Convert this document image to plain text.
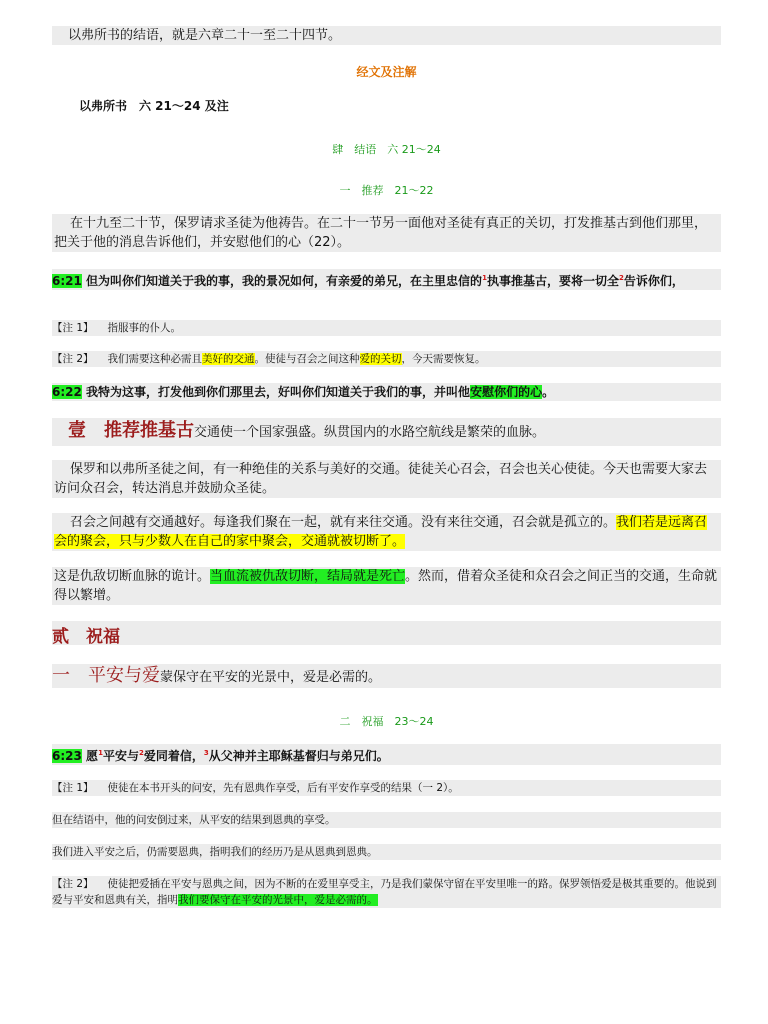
以弗所书的结语，就是六章二十一至二十四节。
经文及注解
以弗所书　六 21～24 及注
肆　结语　六 21～24
一　推荐　21～22
在十九至二十节，保罗请求圣徒为他祷告。在二十一节另一面他对圣徒有真正的关切，打发推基古到他们那里，把关于他的消息告诉他们，并安慰他们的心（22）。
6:21 但为叫你们知道关于我的事，我的景况如何，有亲爱的弟兄，在主里忠信的$^1$执事推基古，要将一切全$^2$告诉你们，
【注 1】 指服事的仆人。
【注 2】 我们需要这种必需且美好的交通。使徒与召会之间这种爱的关切，今天需要恢复。
6:22 我特为这事，打发他到你们那里去，好叫你们知道关于我们的事，并叫他安慰你们的心。
壹　推荐推基古交通使一个国家强盛。纵贯国内的水路空航线是繁荣的血脉。
保罗和以弗所圣徒之间，有一种绝佳的关系与美好的交通。徒徒关心召会，召会也关心使徒。今天也需要大家去访问众召会，转达消息并鼓励众圣徒。
召会之间越有交通越好。每逢我们聚在一起，就有来往交通。没有来往交通，召会就是孤立的。我们若是远离召会的聚会，只与少数人在自己的家中聚会，交通就被切断了。
这是仇敌切断血脉的诡计。当血流被仇敌切断，结局就是死亡。然而，借着众圣徒和众召会之间正当的交通，生命就得以繁增。
贰　祝福
一　平安与爱蒙保守在平安的光景中，爱是必需的。
二　祝福　23～24
6:23 愿$^1$平安与$^2$爱同着信，$^3$从父神并主耶稣基督归与弟兄们。
【注 1】 使徒在本书开头的问安，先有恩典作享受，后有平安作享受的结果（一 2）。
但在结语中，他的问安倒过来，从平安的结果到恩典的享受。
我们进入平安之后，仍需要恩典，指明我们的经历乃是从恩典到恩典。
【注 2】 使徒把爱插在平安与恩典之间，因为不断的在爱里享受主，乃是我们蒙保守留在平安里唯一的路。保罗领悟爱是极其重要的。他说到爱与平安和恩典有关，指明我们要保守在平安的光景中，爱是必需的。
